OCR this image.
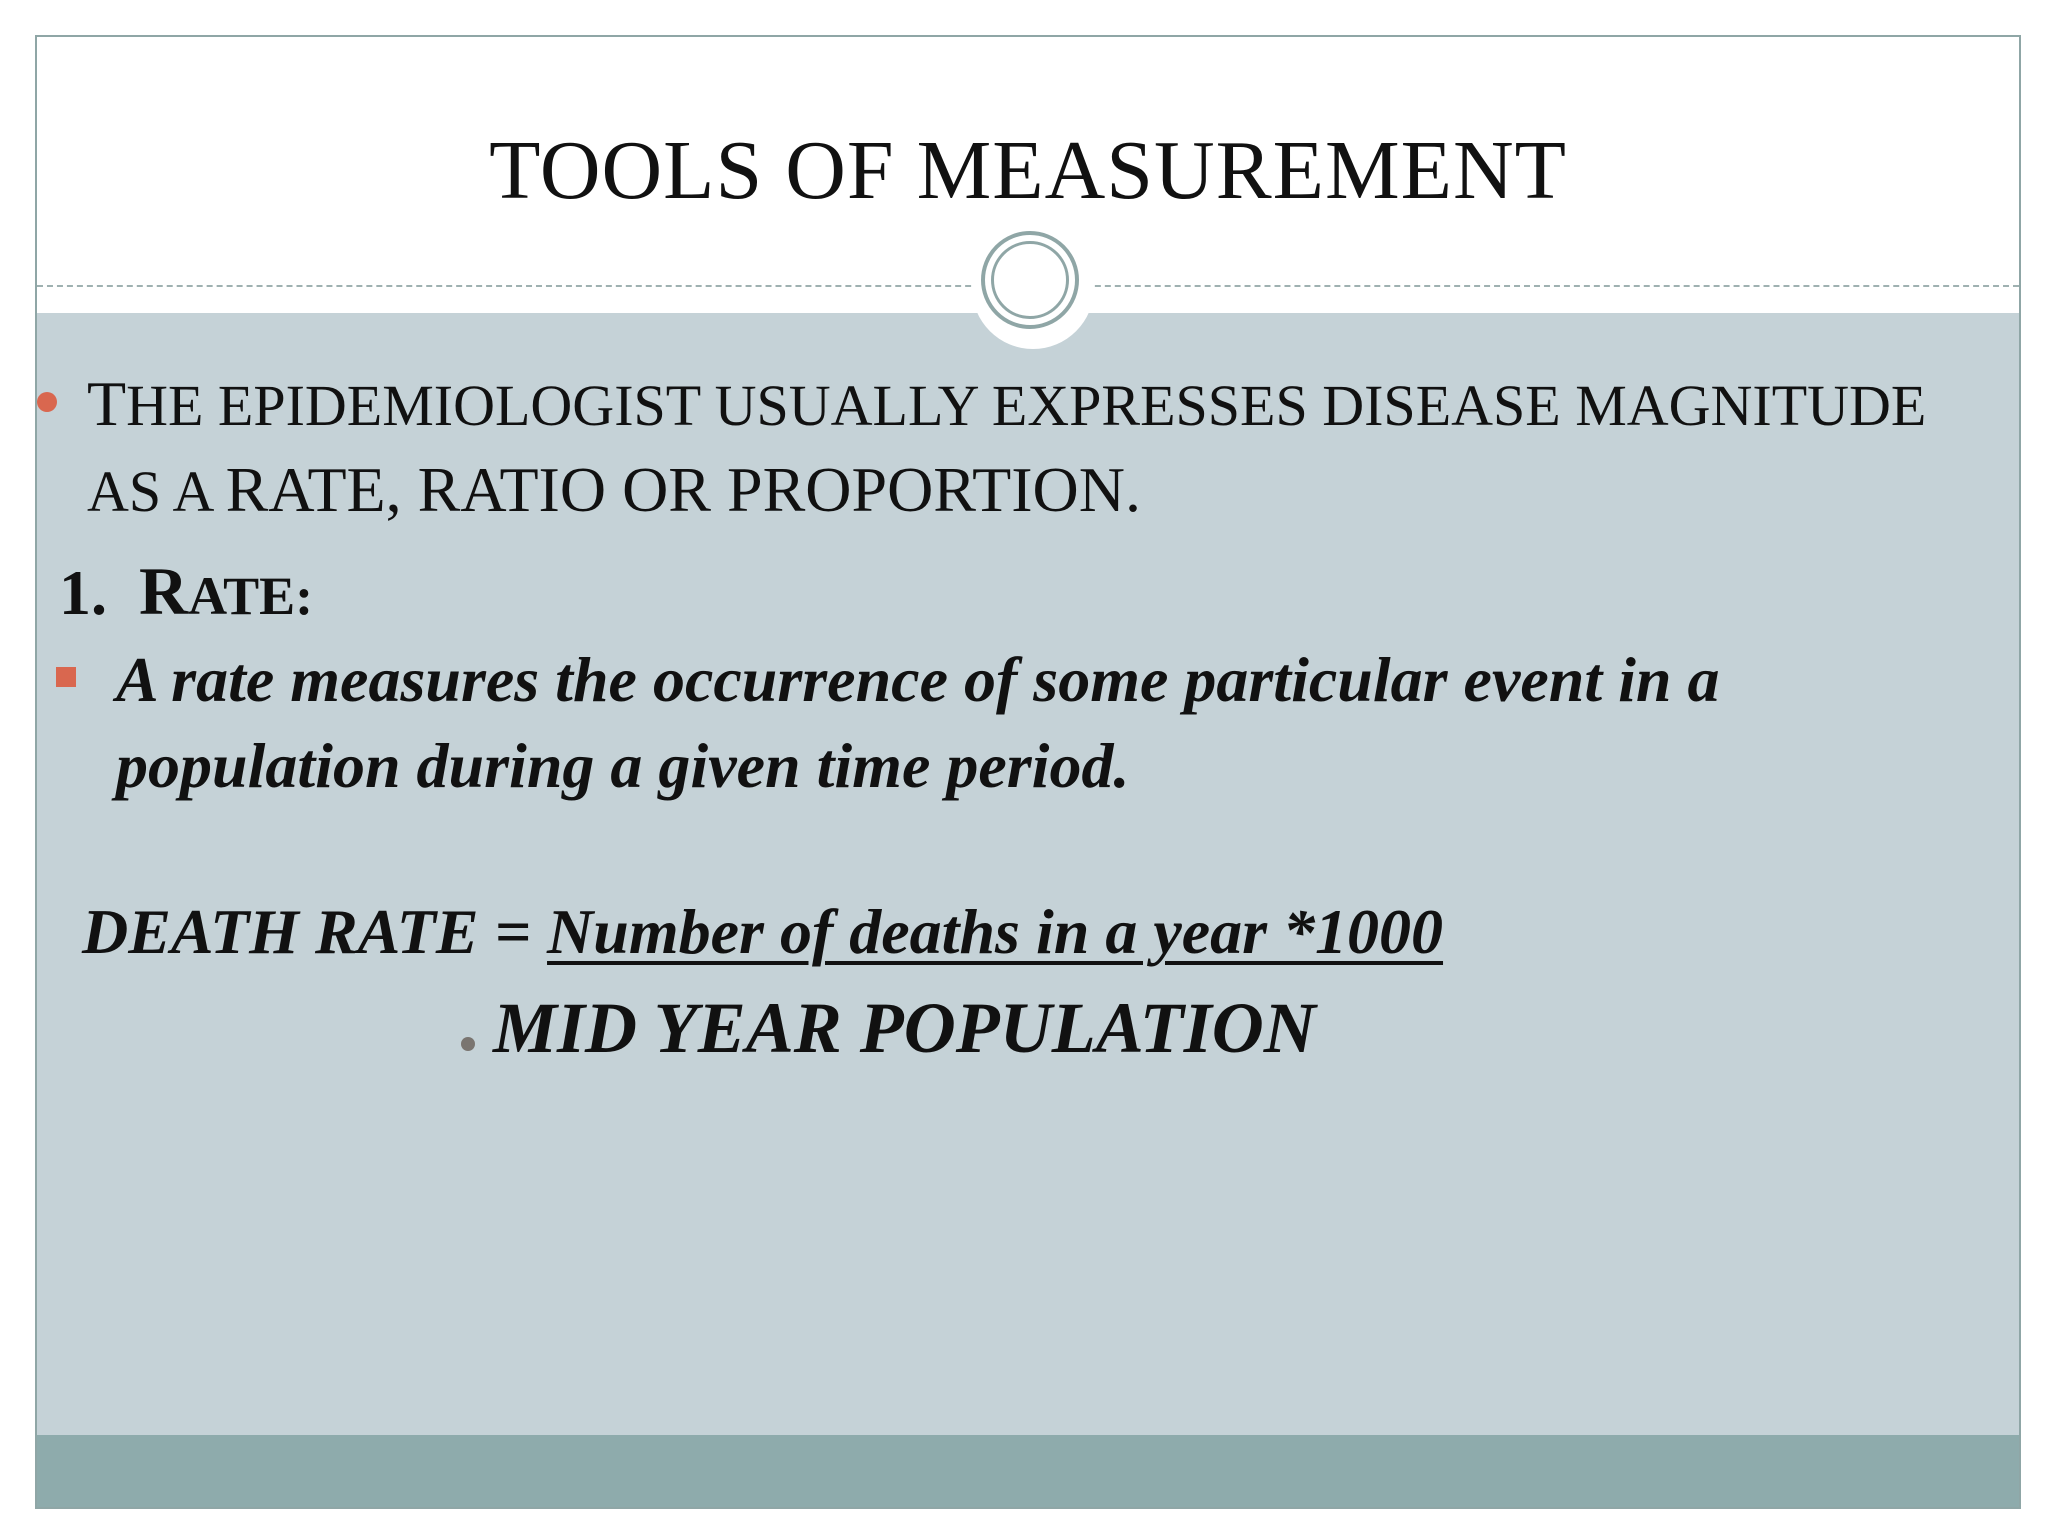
TOOLS OF MEASUREMENT
THE EPIDEMIOLOGIST USUALLY EXPRESSES DISEASE MAGNITUDE
AS A RATE, RATIO OR PROPORTION.
1. RATE:
A rate measures the occurrence of some particular event in a population during a given time period.
DEATH RATE = Number of deaths in a year *1000
MID YEAR POPULATION
